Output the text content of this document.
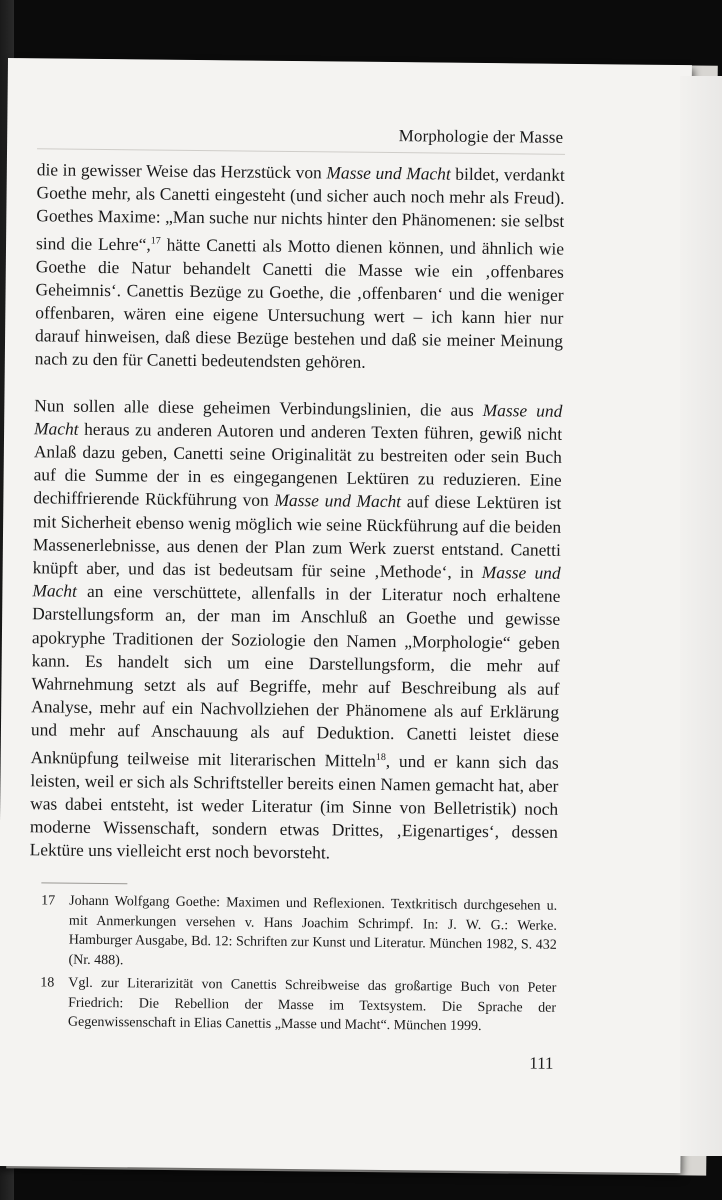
Morphologie der Masse

die in gewisser Weise das Herzstück von Masse und Macht bildet, verdankt Goethe mehr, als Canetti eingesteht (und sicher auch noch mehr als Freud). Goethes Maxime: „Man suche nur nichts hinter den Phänomenen: sie selbst sind die Lehre“,$^{17}$ hätte Canetti als Motto dienen können, und ähnlich wie Goethe die Natur behandelt Canetti die Masse wie ein ‚offenbares Geheimnis‘. Canettis Bezüge zu Goethe, die ‚offenbaren‘ und die weniger offenbaren, wären eine eigene Untersuchung wert – ich kann hier nur darauf hinweisen, daß diese Bezüge bestehen und daß sie meiner Meinung nach zu den für Canetti bedeutendsten gehören.

Nun sollen alle diese geheimen Verbindungslinien, die aus Masse und Macht heraus zu anderen Autoren und anderen Texten führen, gewiß nicht Anlaß dazu geben, Canetti seine Originalität zu bestreiten oder sein Buch auf die Summe der in es eingegangenen Lektüren zu reduzieren. Eine dechiffrierende Rückführung von Masse und Macht auf diese Lektüren ist mit Sicherheit ebenso wenig möglich wie seine Rückführung auf die beiden Massenerlebnisse, aus denen der Plan zum Werk zuerst entstand. Canetti knüpft aber, und das ist bedeutsam für seine ‚Methode‘, in Masse und Macht an eine verschüttete, allenfalls in der Literatur noch erhaltene Darstellungsform an, der man im Anschluß an Goethe und gewisse apokryphe Traditionen der Soziologie den Namen „Morphologie“ geben kann. Es handelt sich um eine Darstellungsform, die mehr auf Wahrnehmung setzt als auf Begriffe, mehr auf Beschreibung als auf Analyse, mehr auf ein Nachvollziehen der Phänomene als auf Erklärung und mehr auf Anschauung als auf Deduktion. Canetti leistet diese Anknüpfung teilweise mit literarischen Mitteln$^{18}$, und er kann sich das leisten, weil er sich als Schriftsteller bereits einen Namen gemacht hat, aber was dabei entsteht, ist weder Literatur (im Sinne von Belletristik) noch moderne Wissenschaft, sondern etwas Drittes, ‚Eigenartiges‘, dessen Lektüre uns vielleicht erst noch bevorsteht.

17 Johann Wolfgang Goethe: Maximen und Reflexionen. Textkritisch durchgesehen u. mit Anmerkungen versehen v. Hans Joachim Schrimpf. In: J. W. G.: Werke. Hamburger Ausgabe, Bd. 12: Schriften zur Kunst und Literatur. München 1982, S. 432 (Nr. 488).

18 Vgl. zur Literarizität von Canettis Schreibweise das großartige Buch von Peter Friedrich: Die Rebellion der Masse im Textsystem. Die Sprache der Gegenwissenschaft in Elias Canettis „Masse und Macht“. München 1999.

111
